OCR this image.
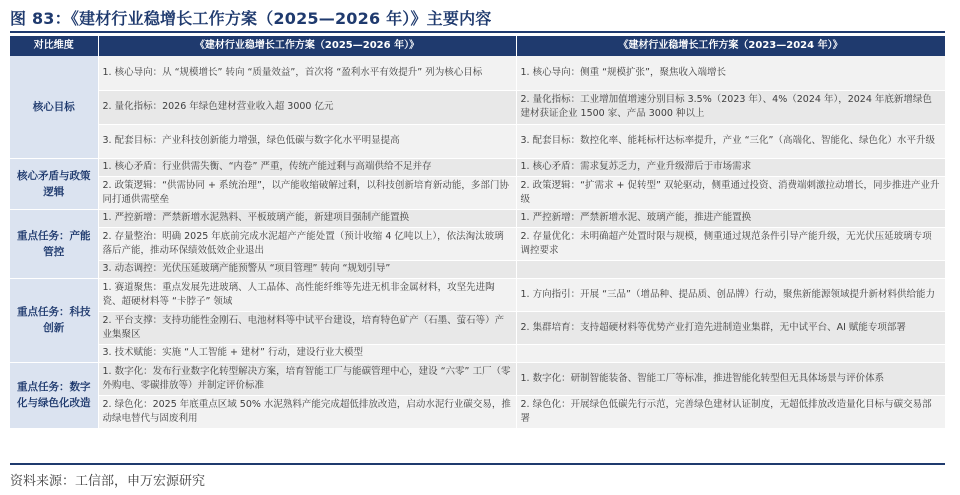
图 83：《建材行业稳增长工作方案（2025—2026 年）》主要内容
对比维度	《建材行业稳增长工作方案（2025—2026 年）》	《建材行业稳增长工作方案（2023—2024 年）》
核心目标	1. 核心导向：从 “规模增长” 转向 “质量效益”，首次将 “盈利水平有效提升” 列为核心目标	1. 核心导向：侧重 “规模扩张”，聚焦收入端增长
	2. 量化指标：2026 年绿色建材营业收入超 3000 亿元	2. 量化指标：工业增加值增速分别目标 3.5%（2023 年）、4%（2024 年），2024 年底新增绿色建材获证企业 1500 家、产品 3000 种以上
	3. 配套目标：产业科技创新能力增强，绿色低碳与数字化水平明显提高	3. 配套目标：数控化率、能耗标杆达标率提升，产业 “三化”（高端化、智能化、绿色化）水平升级
核心矛盾与政策逻辑	1. 核心矛盾：行业供需失衡、“内卷” 严重，传统产能过剩与高端供给不足并存	1. 核心矛盾：需求复苏乏力，产业升级滞后于市场需求
	2. 政策逻辑：“供需协同 + 系统治理”，以产能收缩破解过剩，以科技创新培育新动能，多部门协同打通供需壁垒	2. 政策逻辑：“扩需求 + 促转型” 双轮驱动，侧重通过投资、消费端刺激拉动增长，同步推进产业升级
重点任务：产能管控	1. 严控新增：严禁新增水泥熟料、平板玻璃产能，新建项目强制产能置换	1. 严控新增：严禁新增水泥、玻璃产能，推进产能置换
	2. 存量整治：明确 2025 年底前完成水泥超产产能处置（预计收缩 4 亿吨以上），依法淘汰玻璃落后产能，推动环保绩效低效企业退出	2. 存量优化：未明确超产处置时限与规模，侧重通过规范条件引导产能升级，无光伏压延玻璃专项调控要求
	3. 动态调控：光伏压延玻璃产能预警从 “项目管理” 转向 “规划引导”	
重点任务：科技创新	1. 赛道聚焦：重点发展先进玻璃、人工晶体、高性能纤维等先进无机非金属材料，攻坚先进陶瓷、超硬材料等 “卡脖子” 领域	1. 方向指引：开展 “三品”（增品种、提品质、创品牌）行动，聚焦新能源领域提升新材料供给能力
	2. 平台支撑：支持功能性金刚石、电池材料等中试平台建设，培育特色矿产（石墨、萤石等）产业集聚区	2. 集群培育：支持超硬材料等优势产业打造先进制造业集群，无中试平台、AI 赋能专项部署
	3. 技术赋能：实施 “人工智能 + 建材” 行动，建设行业大模型	
重点任务：数字化与绿色化改造	1. 数字化：发布行业数字化转型解决方案，培育智能工厂与能碳管理中心，建设 “六零” 工厂（零外购电、零碳排放等）并制定评价标准	1. 数字化：研制智能装备、智能工厂等标准，推进智能化转型但无具体场景与评价体系
	2. 绿色化：2025 年底重点区域 50% 水泥熟料产能完成超低排放改造，启动水泥行业碳交易，推动绿电替代与固废利用	2. 绿色化：开展绿色低碳先行示范，完善绿色建材认证制度，无超低排放改造量化目标与碳交易部署
资料来源：工信部，申万宏源研究
